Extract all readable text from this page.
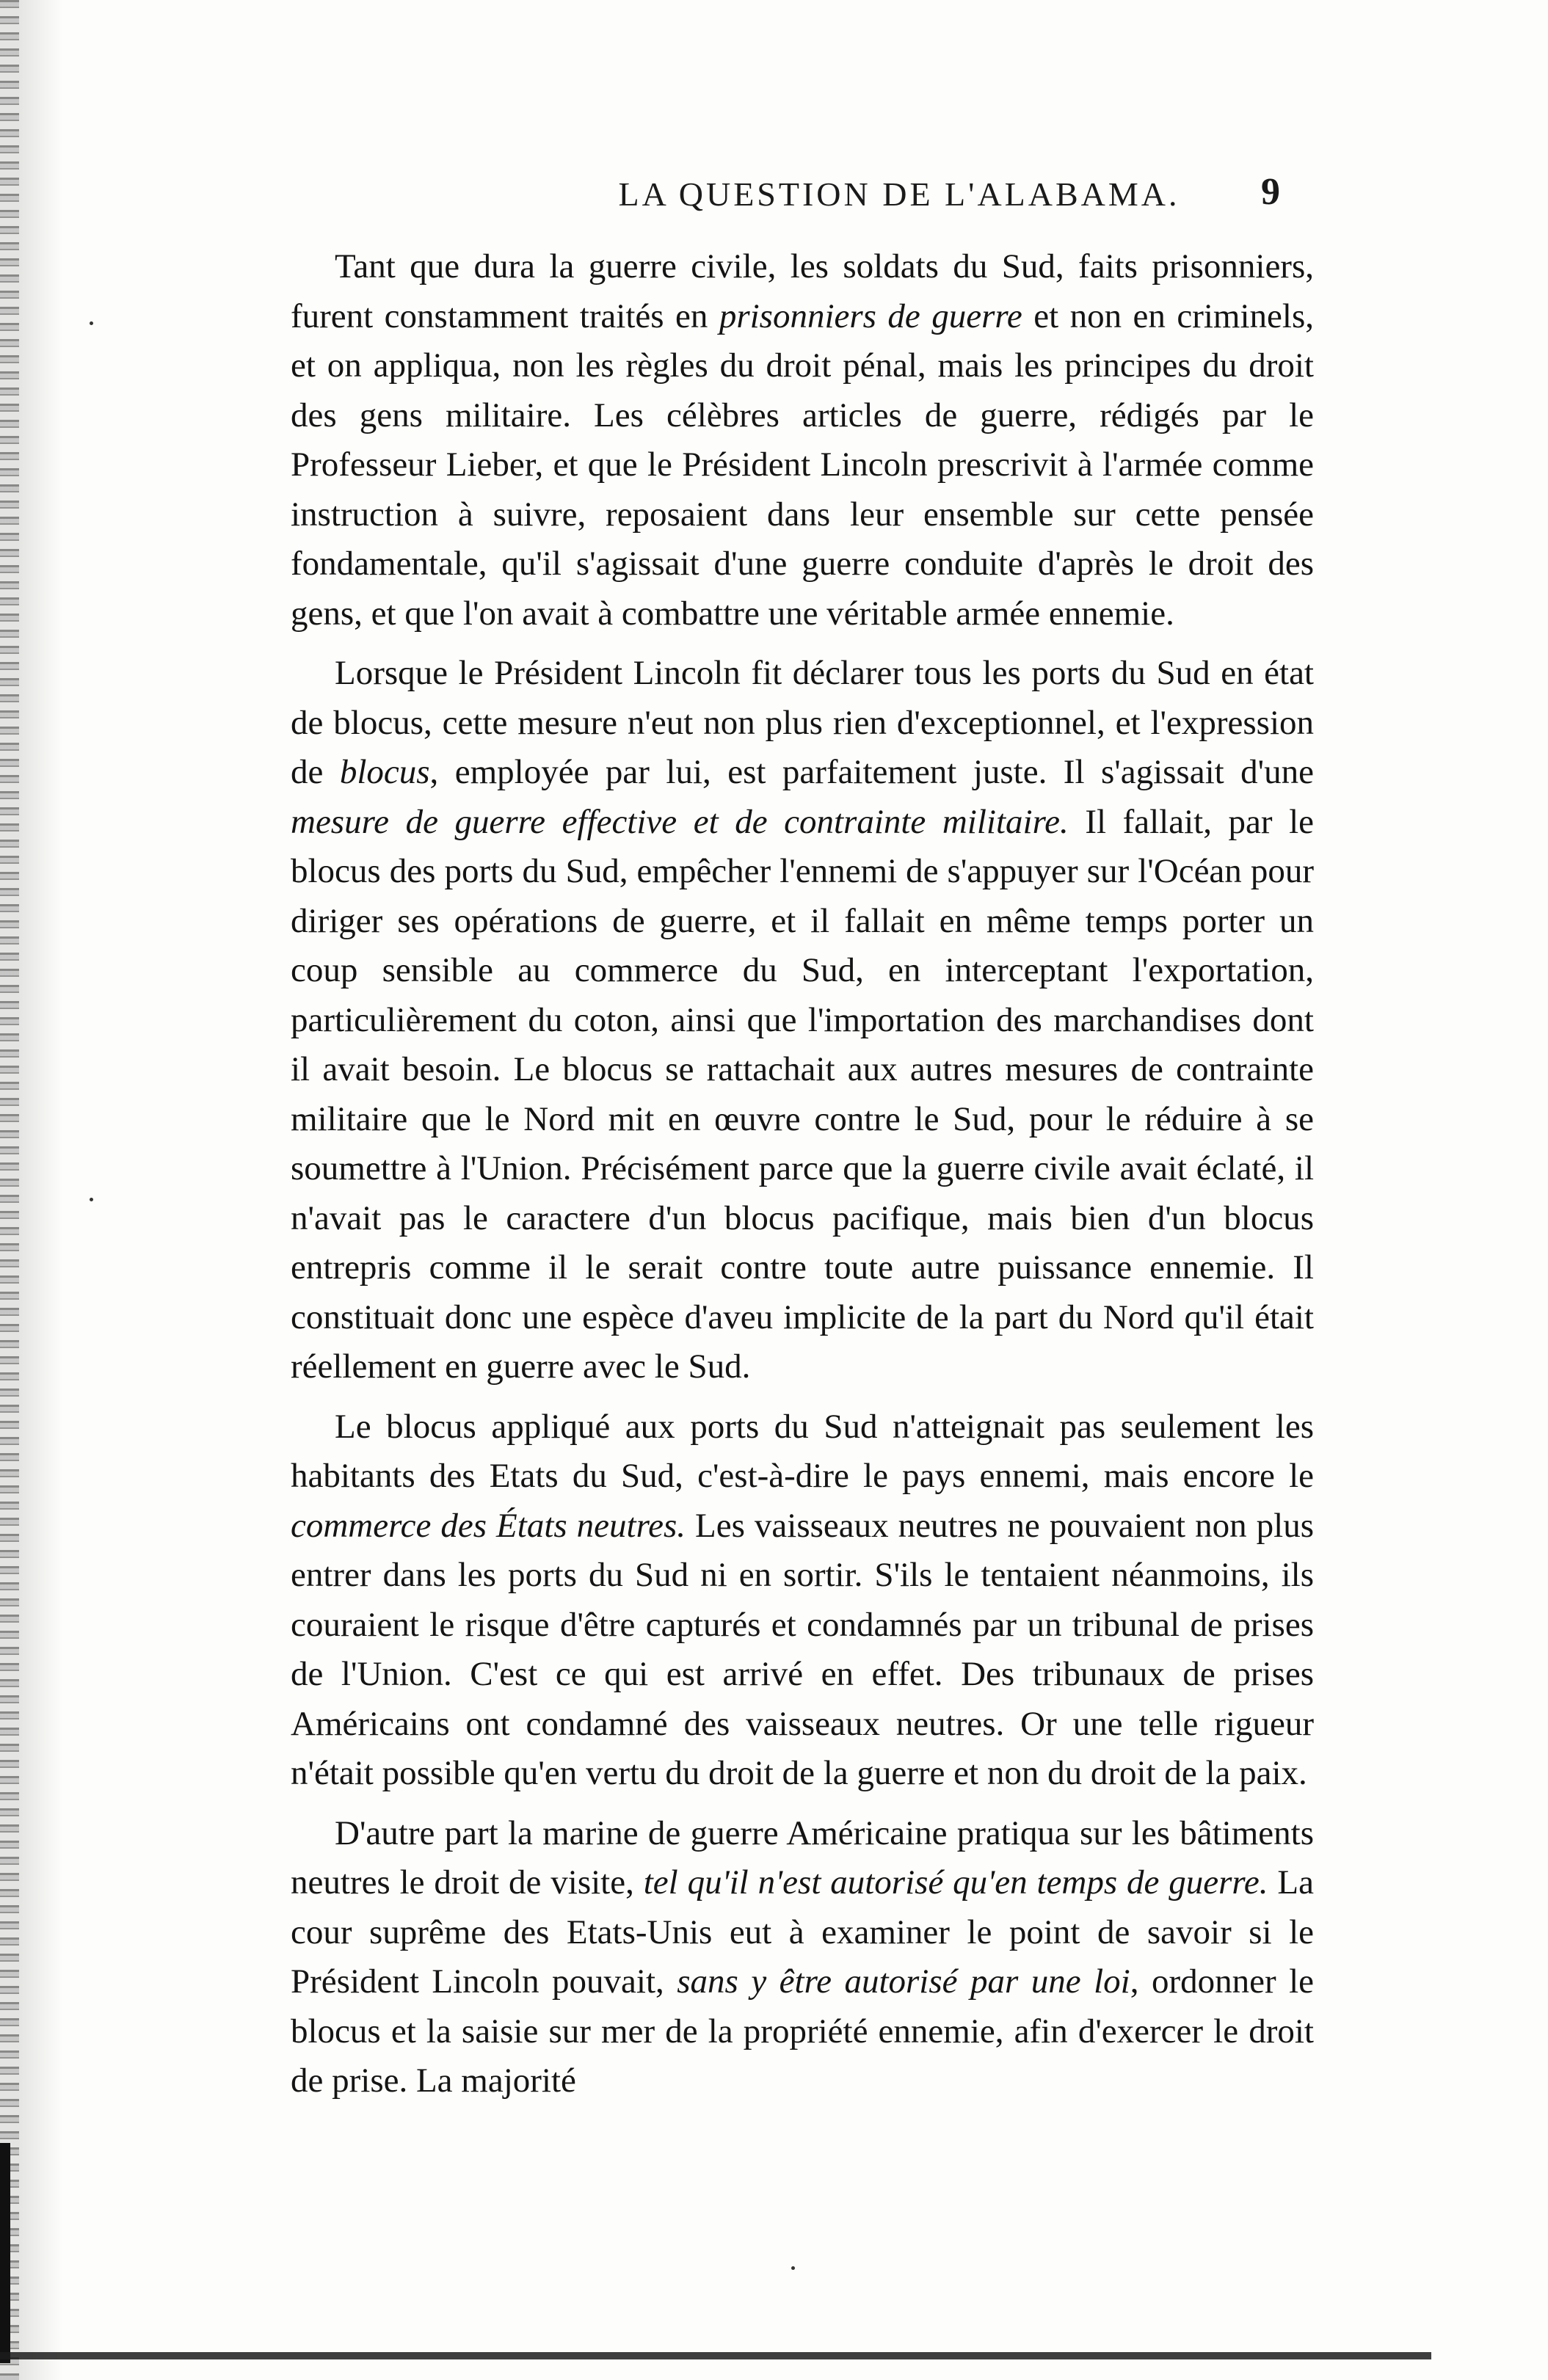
LA QUESTION DE L'ALABAMA.	9

Tant que dura la guerre civile, les soldats du Sud, faits prisonniers, furent constamment traités en prisonniers de guerre et non en criminels, et on appliqua, non les règles du droit pénal, mais les principes du droit des gens militaire. Les célèbres articles de guerre, rédigés par le Professeur Lieber, et que le Président Lincoln prescrivit à l'armée comme instruction à suivre, reposaient dans leur ensemble sur cette pensée fondamentale, qu'il s'agissait d'une guerre conduite d'après le droit des gens, et que l'on avait à combattre une véritable armée ennemie.

Lorsque le Président Lincoln fit déclarer tous les ports du Sud en état de blocus, cette mesure n'eut non plus rien d'exceptionnel, et l'expression de blocus, employée par lui, est parfaitement juste. Il s'agissait d'une mesure de guerre effective et de contrainte militaire. Il fallait, par le blocus des ports du Sud, empêcher l'ennemi de s'appuyer sur l'Océan pour diriger ses opérations de guerre, et il fallait en même temps porter un coup sensible au commerce du Sud, en interceptant l'exportation, particulièrement du coton, ainsi que l'importation des marchandises dont il avait besoin. Le blocus se rattachait aux autres mesures de contrainte militaire que le Nord mit en œuvre contre le Sud, pour le réduire à se soumettre à l'Union. Précisément parce que la guerre civile avait éclaté, il n'avait pas le caractere d'un blocus pacifique, mais bien d'un blocus entrepris comme il le serait contre toute autre puissance ennemie. Il constituait donc une espèce d'aveu implicite de la part du Nord qu'il était réellement en guerre avec le Sud.

Le blocus appliqué aux ports du Sud n'atteignait pas seulement les habitants des Etats du Sud, c'est-à-dire le pays ennemi, mais encore le commerce des États neutres. Les vaisseaux neutres ne pouvaient non plus entrer dans les ports du Sud ni en sortir. S'ils le tentaient néanmoins, ils couraient le risque d'être capturés et condamnés par un tribunal de prises de l'Union. C'est ce qui est arrivé en effet. Des tribunaux de prises Américains ont condamné des vaisseaux neutres. Or une telle rigueur n'était possible qu'en vertu du droit de la guerre et non du droit de la paix.

D'autre part la marine de guerre Américaine pratiqua sur les bâtiments neutres le droit de visite, tel qu'il n'est autorisé qu'en temps de guerre. La cour suprême des Etats-Unis eut à examiner le point de savoir si le Président Lincoln pouvait, sans y être autorisé par une loi, ordonner le blocus et la saisie sur mer de la propriété ennemie, afin d'exercer le droit de prise. La majorité
